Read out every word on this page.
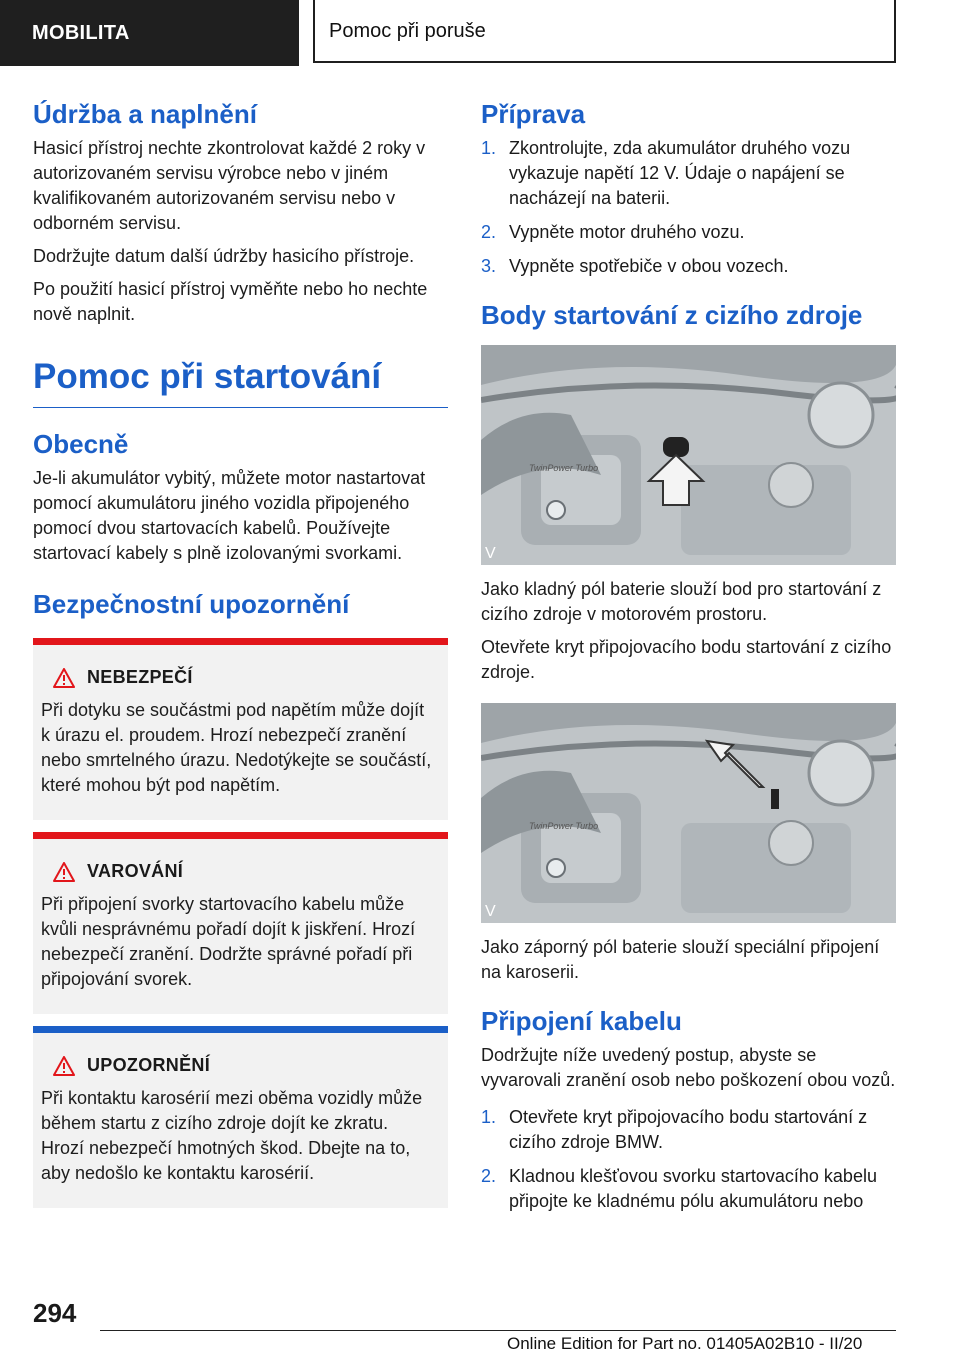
MOBILITA	Pomoc při poruše
Údržba a naplnění

Hasicí přístroj nechte zkontrolovat každé 2 roky v autorizovaném servisu výrobce nebo v jiném kvalifikovaném autorizovaném servisu nebo v odborném servisu.

Dodržujte datum další údržby hasicího přístroje.

Po použití hasicí přístroj vyměňte nebo ho nechte nově naplnit.

Pomoc při startování
Obecně

Je-li akumulátor vybitý, můžete motor nastartovat pomocí akumulátoru jiného vozidla připojeného pomocí dvou startovacích kabelů. Používejte startovací kabely s plně izolovanými svorkami.

Bezpečnostní upozornění
NEBEZPEČÍ

Při dotyku se součástmi pod napětím může dojít k úrazu el. proudem. Hrozí nebezpečí zranění nebo smrtelného úrazu. Nedotýkejte se součástí, které mohou být pod napětím.

VAROVÁNÍ

Při připojení svorky startovacího kabelu může kvůli nesprávnému pořadí dojít k jiskření. Hrozí nebezpečí zranění. Dodržte správné pořadí při připojování svorek.

UPOZORNĚNÍ

Při kontaktu karosérií mezi oběma vozidly může během startu z cizího zdroje dojít ke zkratu. Hrozí nebezpečí hmotných škod. Dbejte na to, aby nedošlo ke kontaktu karosérií.

Příprava
1. Zkontrolujte, zda akumulátor druhého vozu vykazuje napětí 12 V. Údaje o napájení se nacházejí na baterii.
2. Vypněte motor druhého vozu.
3. Vypněte spotřebiče v obou vozech.
Body startování z cizího zdroje
V
TwinPower Turbo

Jako kladný pól baterie slouží bod pro startování z cizího zdroje v motorovém prostoru.

Otevřete kryt připojovacího bodu startování z cizího zdroje.

V
TwinPower Turbo

Jako záporný pól baterie slouží speciální připojení na karoserii.

Připojení kabelu

Dodržujte níže uvedený postup, abyste se vyvarovali zranění osob nebo poškození obou vozů.

1. Otevřete kryt připojovacího bodu startování z cizího zdroje BMW.
2. Kladnou klešťovou svorku startovacího kabelu připojte ke kladnému pólu akumulátoru nebo
294
Online Edition for Part no. 01405A02B10 - II/20
